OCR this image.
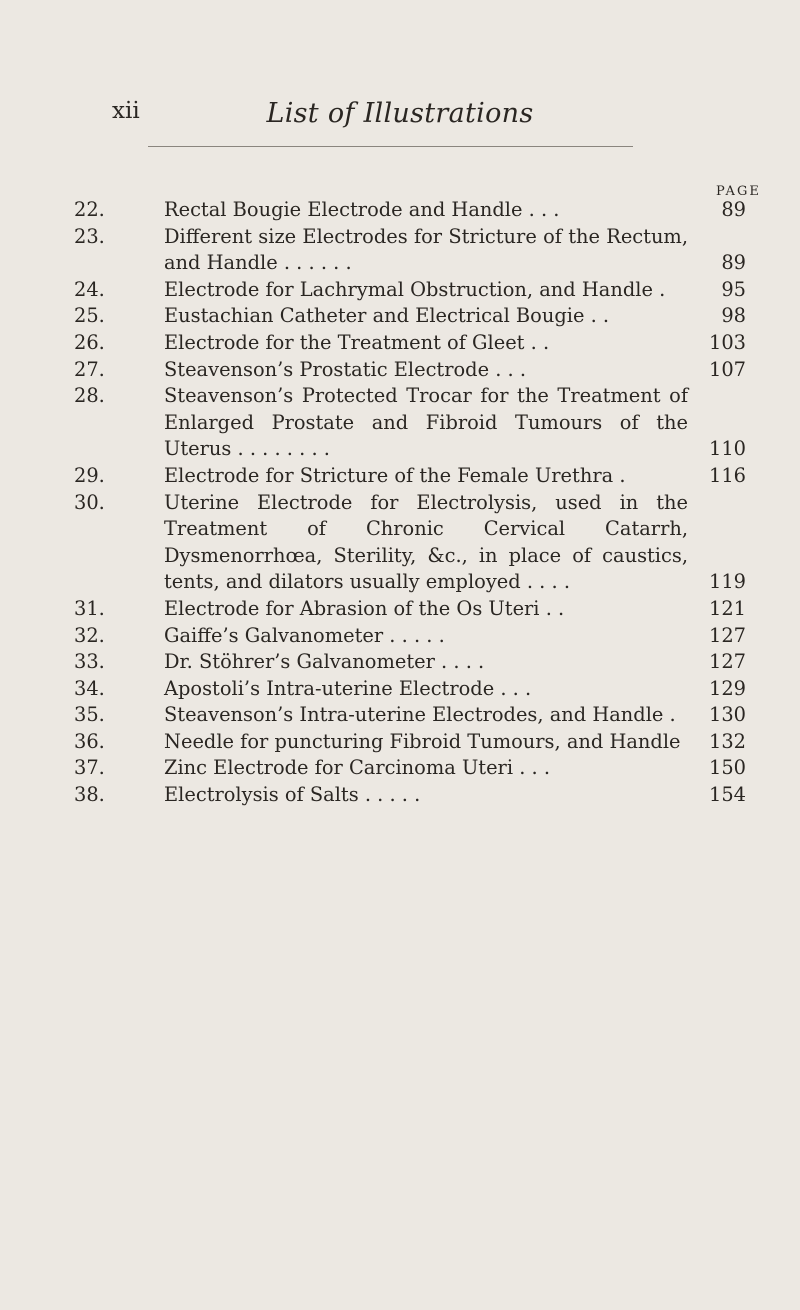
xii	List of Illustrations
PAGE
22.	Rectal Bougie Electrode and Handle . . .	89
23.	Different size Electrodes for Stricture of the Rectum, and Handle . . . . . .	89
24.	Electrode for Lachrymal Obstruction, and Handle .	95
25.	Eustachian Catheter and Electrical Bougie . .	98
26.	Electrode for the Treatment of Gleet . .	103
27.	Steavenson’s Prostatic Electrode . . .	107
28.	Steavenson’s Protected Trocar for the Treatment of Enlarged Prostate and Fibroid Tumours of the Uterus . . . . . . . .	110
29.	Electrode for Stricture of the Female Urethra .	116
30.	Uterine Electrode for Electrolysis, used in the Treatment of Chronic Cervical Catarrh, Dysmenorrhœa, Sterility, &c., in place of caustics, tents, and dilators usually employed . . . .	119
31.	Electrode for Abrasion of the Os Uteri . .	121
32.	Gaiffe’s Galvanometer . . . . .	127
33.	Dr. Stöhrer’s Galvanometer . . . .	127
34.	Apostoli’s Intra-uterine Electrode . . .	129
35.	Steavenson’s Intra-uterine Electrodes, and Handle .	130
36.	Needle for puncturing Fibroid Tumours, and Handle	132
37.	Zinc Electrode for Carcinoma Uteri . . .	150
38.	Electrolysis of Salts . . . . .	154
